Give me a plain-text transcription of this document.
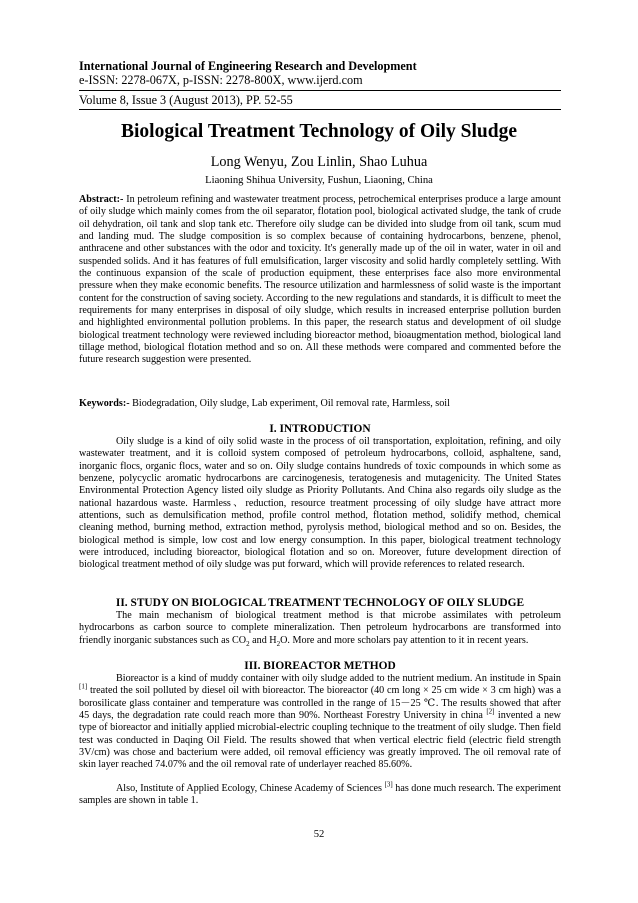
International Journal of Engineering Research and Development
e-ISSN: 2278-067X, p-ISSN: 2278-800X, www.ijerd.com
Volume 8, Issue 3 (August 2013), PP. 52-55
Biological Treatment Technology of Oily Sludge
Long Wenyu, Zou Linlin, Shao Luhua
Liaoning Shihua University, Fushun, Liaoning, China
Abstract:- In petroleum refining and wastewater treatment process, petrochemical enterprises produce a large amount of oily sludge which mainly comes from the oil separator, flotation pool, biological activated sludge, the tank of crude oil dehydration, oil tank and slop tank etc. Therefore oily sludge can be divided into sludge from oil tank, scum mud and landing mud. The sludge composition is so complex because of containing hydrocarbons, benzene, phenol, anthracene and other substances with the odor and toxicity. It's generally made up of the oil in water, water in oil and suspended solids. And it has features of full emulsification, larger viscosity and solid hardly completely settling. With the continuous expansion of the scale of production equipment, these enterprises face also more environmental pressure when they make economic benefits. The resource utilization and harmlessness of solid waste is the important content for the construction of saving society. According to the new regulations and standards, it is difficult to meet the requirements for many enterprises in disposal of oily sludge, which results in increased enterprise pollution burden and highlighted environmental pollution problems. In this paper, the research status and development of oil sludge biological treatment technology were reviewed including bioreactor method, bioaugmentation method, biological land tillage method, biological flotation method and so on. All these methods were compared and commented before the future research suggestion were presented.
Keywords:- Biodegradation, Oily sludge, Lab experiment, Oil removal rate, Harmless, soil
I. INTRODUCTION
Oily sludge is a kind of oily solid waste in the process of oil transportation, exploitation, refining, and oily wastewater treatment, and it is colloid system composed of petroleum hydrocarbons, colloid, asphaltene, sand, inorganic flocs, organic flocs, water and so on. Oily sludge contains hundreds of toxic compounds in which some as benzene, polycyclic aromatic hydrocarbons are carcinogenesis, teratogenesis and mutagenicity. The United States Environmental Protection Agency listed oily sludge as Priority Pollutants. And China also regards oily sludge as the national hazardous waste. Harmless、reduction, resource treatment processing of oily sludge have attract more attentions, such as demulsification method, profile control method, flotation method, solidify method, chemical cleaning method, burning method, extraction method, pyrolysis method, biological method and so on. Besides, the biological method is simple, low cost and low energy consumption. In this paper, biological treatment technology were introduced, including bioreactor, biological flotation and so on. Moreover, future development direction of biological treatment method of oily sludge was put forward, which will provide references to related research.
II. STUDY ON BIOLOGICAL TREATMENT TECHNOLOGY OF OILY SLUDGE
The main mechanism of biological treatment method is that microbe assimilates with petroleum hydrocarbons as carbon source to complete mineralization. Then petroleum hydrocarbons are transformed into friendly inorganic substances such as $CO_2$ and $H_2O$. More and more scholars pay attention to it in recent years.
III. BIOREACTOR METHOD
Bioreactor is a kind of muddy container with oily sludge added to the nutrient medium. An institude in Spain [1] treated the soil polluted by diesel oil with bioreactor. The bioreactor (40 cm long × 25 cm wide × 3 cm high) was a borosilicate glass container and temperature was controlled in the range of 15－25 ℃. The results showed that after 45 days, the degradation rate could reach more than 90%. Northeast Forestry University in china [2] invented a new type of bioreactor and initially applied microbial-electric coupling technique to the treatment of oily sludge. Then field test was conducted in Daqing Oil Field. The results showed that when vertical electric field (electric field strength 3V/cm) was chose and bacterium were added, oil removal efficiency was greatly improved. The oil removal rate of skin layer reached 74.07% and the oil removal rate of underlayer reached 85.60%.
Also, Institute of Applied Ecology, Chinese Academy of Sciences [3] has done much research. The experiment samples are shown in table 1.
52
